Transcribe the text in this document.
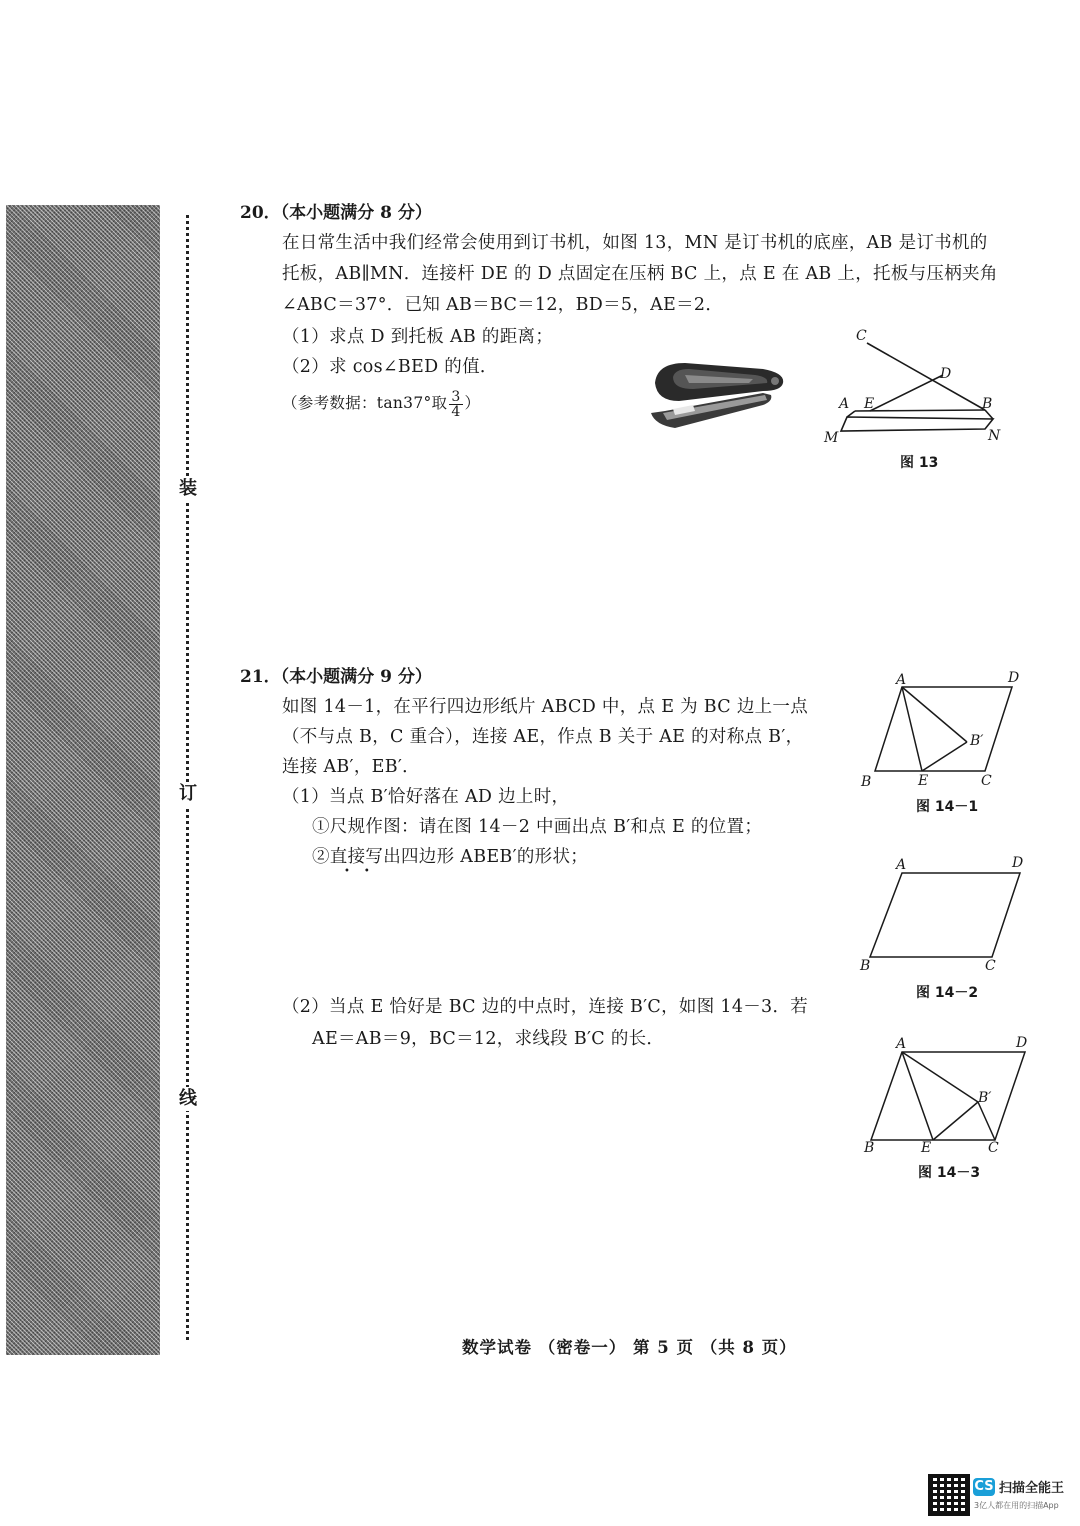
装
订
线
20．（本小题满分 8 分）
在日常生活中我们经常会使用到订书机，如图 13，MN 是订书机的底座，AB 是订书机的
托板，AB∥MN．连接杆 DE 的 D 点固定在压柄 BC 上，点 E 在 AB 上，托板与压柄夹角
∠ABC＝37°．已知 AB＝BC＝12，BD＝5，AE＝2．
（1）求点 D 到托板 AB 的距离；
（2）求 cos∠BED 的值．
（参考数据：tan37°取 $\frac{3}{4}$ ）
C
D
A E	B
M	N
图 13
21．（本小题满分 9 分）
如图 14－1，在平行四边形纸片 ABCD 中，点 E 为 BC 边上一点
（不与点 B，C 重合），连接 AE，作点 B 关于 AE 的对称点 B′，
连接 AB′，EB′．
（1）当点 B′恰好落在 AD 边上时，
①尺规作图：请在图 14－2 中画出点 B′和点 E 的位置；
②直接写出四边形 ABEB′的形状；
••
（2）当点 E 恰好是 BC 边的中点时，连接 B′C，如图 14－3．若
AE＝AB＝9，BC＝12，求线段 B′C 的长．
A	D
B′
B	E	C
图 14－1
A	D
B	C
图 14－2
A	D
B′
B	E	C
图 14－3
数学试卷 （密卷一） 第 5 页 （共 8 页）
CS 扫描全能王
3亿人都在用的扫描App
